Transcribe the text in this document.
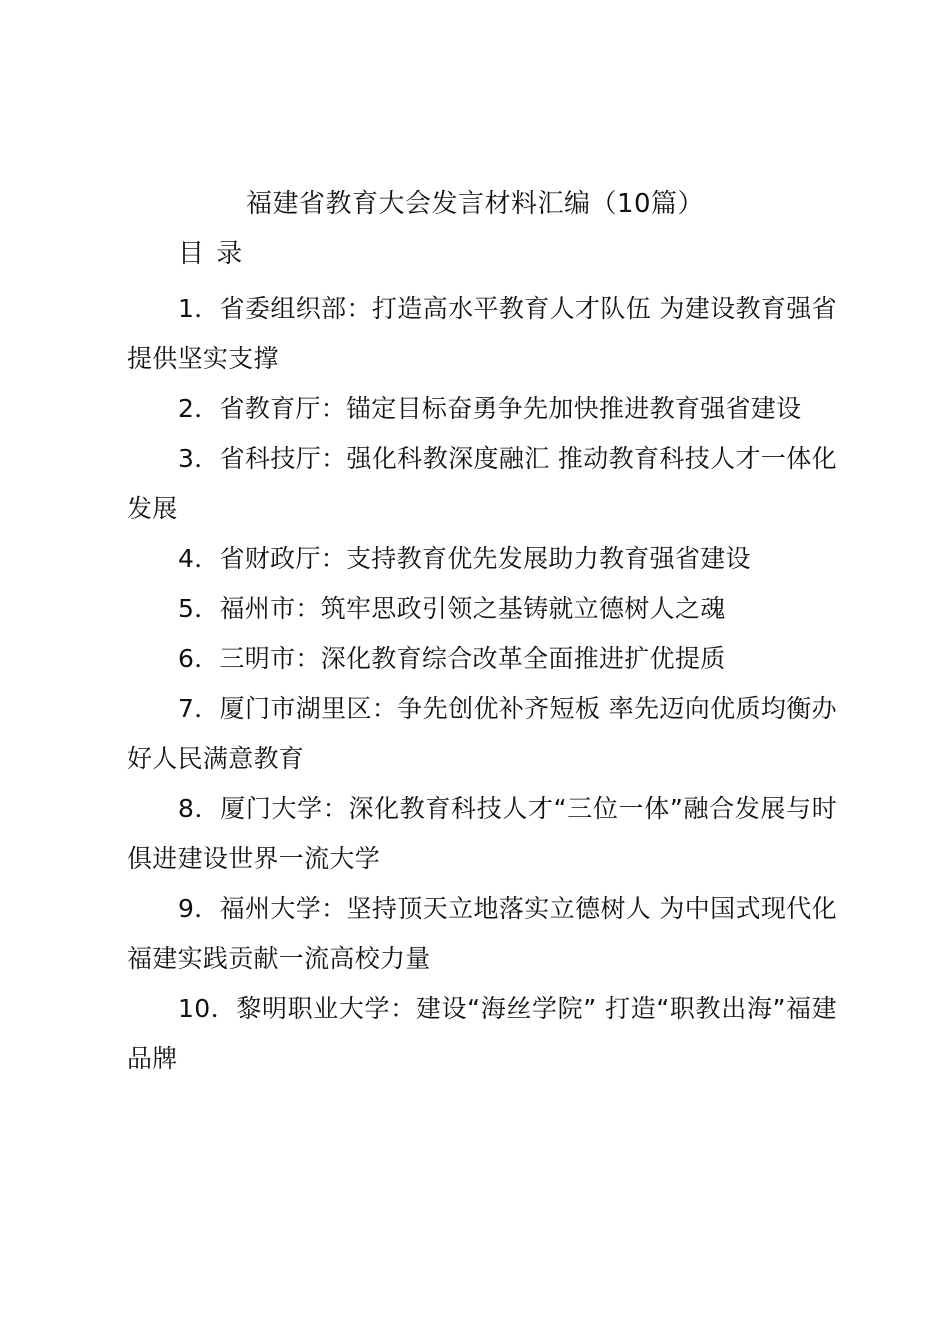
福建省教育大会发言材料汇编（10篇）
目 录
1．省委组织部：打造高水平教育人才队伍 为建设教育强省提供坚实支撑
2．省教育厅：锚定目标奋勇争先加快推进教育强省建设
3．省科技厅：强化科教深度融汇 推动教育科技人才一体化发展
4．省财政厅：支持教育优先发展助力教育强省建设
5．福州市：筑牢思政引领之基铸就立德树人之魂
6．三明市：深化教育综合改革全面推进扩优提质
7．厦门市湖里区：争先创优补齐短板 率先迈向优质均衡办好人民满意教育
8．厦门大学：深化教育科技人才“三位一体”融合发展与时俱进建设世界一流大学
9．福州大学：坚持顶天立地落实立德树人 为中国式现代化福建实践贡献一流高校力量
10．黎明职业大学：建设“海丝学院” 打造“职教出海”福建品牌
